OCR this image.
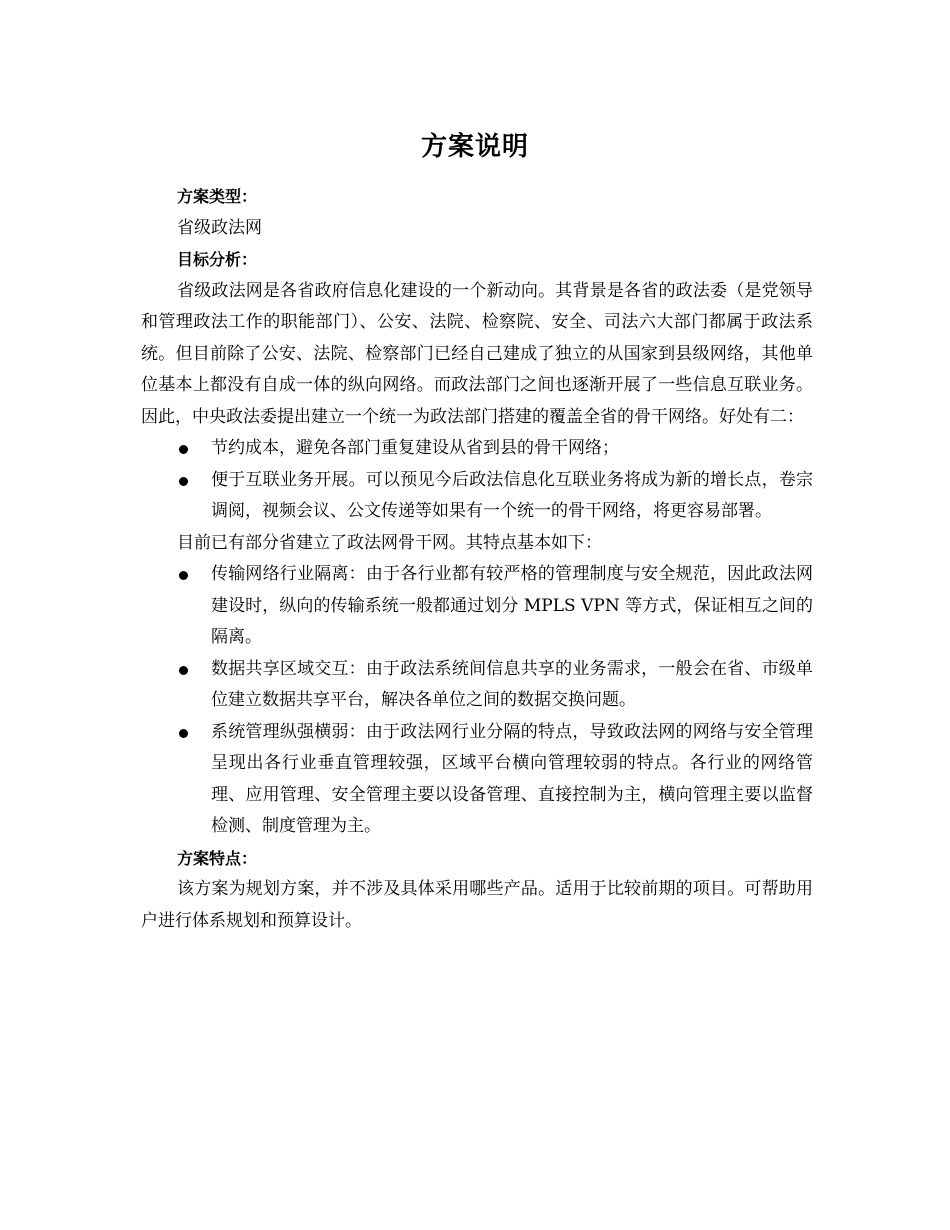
方案说明

方案类型：

省级政法网

目标分析：

省级政法网是各省政府信息化建设的一个新动向。其背景是各省的政法委（是党领导和管理政法工作的职能部门）、公安、法院、检察院、安全、司法六大部门都属于政法系统。但目前除了公安、法院、检察部门已经自己建成了独立的从国家到县级网络，其他单位基本上都没有自成一体的纵向网络。而政法部门之间也逐渐开展了一些信息互联业务。因此，中央政法委提出建立一个统一为政法部门搭建的覆盖全省的骨干网络。好处有二：

节约成本，避免各部门重复建设从省到县的骨干网络；
便于互联业务开展。可以预见今后政法信息化互联业务将成为新的增长点，卷宗调阅，视频会议、公文传递等如果有一个统一的骨干网络，将更容易部署。

目前已有部分省建立了政法网骨干网。其特点基本如下：

传输网络行业隔离：由于各行业都有较严格的管理制度与安全规范，因此政法网建设时，纵向的传输系统一般都通过划分 MPLS VPN 等方式，保证相互之间的隔离。
数据共享区域交互：由于政法系统间信息共享的业务需求，一般会在省、市级单位建立数据共享平台，解决各单位之间的数据交换问题。
系统管理纵强横弱：由于政法网行业分隔的特点，导致政法网的网络与安全管理呈现出各行业垂直管理较强，区域平台横向管理较弱的特点。各行业的网络管理、应用管理、安全管理主要以设备管理、直接控制为主，横向管理主要以监督检测、制度管理为主。

方案特点：

该方案为规划方案，并不涉及具体采用哪些产品。适用于比较前期的项目。可帮助用户进行体系规划和预算设计。
